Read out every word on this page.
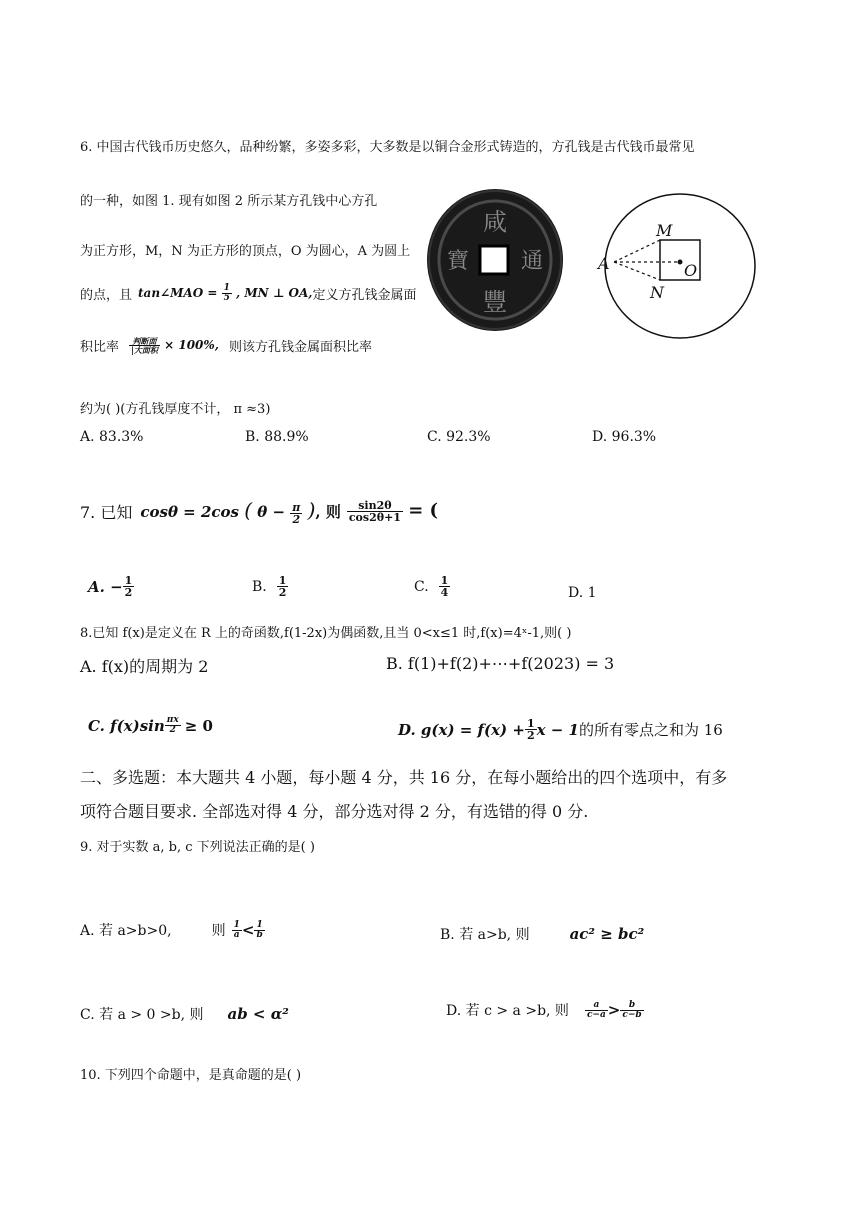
6. 中国古代钱币历史悠久，品种纷繁，多姿多彩，大多数是以铜合金形式铸造的，方孔钱是古代钱币最常见
的一种，如图 1. 现有如图 2 所示某方孔钱中心方孔
为正方形，M，N 为正方形的顶点，O 为圆心，A 为圆上
的点，且 tan∠MAO = $\frac{1}{5}$ , MN ⊥ OA, 定义方孔钱金属面
积比率 $\frac{\text{判断面}}{\text{|大面积}} \times 100\%$, 则该方孔钱金属面积比率
约为( )(方孔钱厚度不计， π ≈3)
A. 83.3%	B. 88.9%	C. 92.3%	D. 96.3%
咸
通
寶
豐
M
A	O
N
7. 已知 cosθ = 2cos ( $\theta - \frac{\pi}{2}$ ) , 则 $\frac{\sin 2\theta}{\cos 2\theta+1}$ = (
A. − $\frac{1}{2}$	B. $\frac{1}{2}$	C. $\frac{1}{4}$	D. 1
8.已知 f(x)是定义在 R 上的奇函数,f(1-2x)为偶函数,且当 0<x≤1 时,f(x)=4ˣ-1,则( )
A. f(x)的周期为 2	B. f(1)+f(2)+⋯+f(2023) = 3
C. $f(x)\sin \frac{\pi x}{2} \ge 0$	D. $g(x) = f(x) + \frac{1}{2}$ x − 1 的所有零点之和为 16
二、多选题：本大题共 4 小题，每小题 4 分，共 16 分，在每小题给出的四个选项中，有多
项符合题目要求. 全部选对得 4 分，部分选对得 2 分，有选错的得 0 分.
9. 对于实数 a, b, c 下列说法正确的是( )
A. 若 a>b>0,	则 $\frac{1}{a} < \frac{1}{b}$	B. 若 a>b, 则	ac² ≥ bc²
C. 若 a > 0 >b, 则 ab < α²	D. 若 c > a >b, 则 $\frac{a}{c-a} > \frac{b}{c-b}$
10. 下列四个命题中，是真命题的是( )
